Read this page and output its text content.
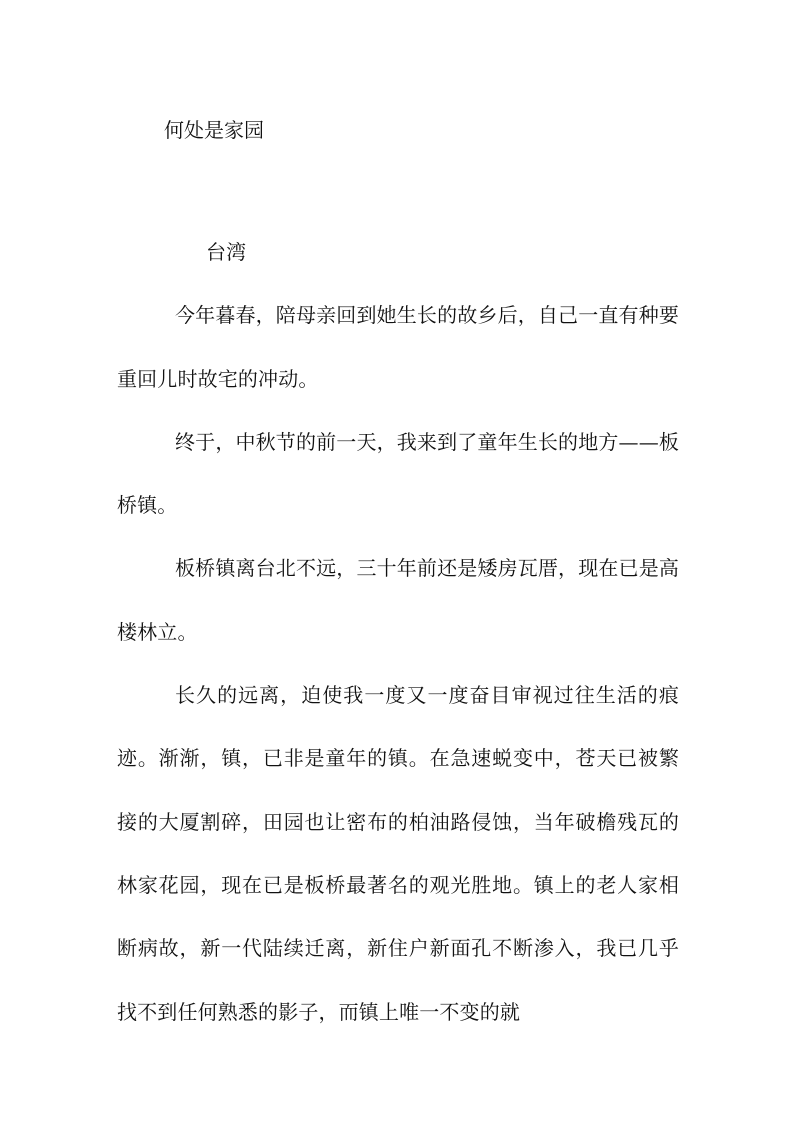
何处是家园

台湾

今年暮春，陪母亲回到她生长的故乡后，自己一直有种要重回儿时故宅的冲动。

终于，中秋节的前一天，我来到了童年生长的地方——板桥镇。

板桥镇离台北不远，三十年前还是矮房瓦厝，现在已是高楼林立。

长久的远离，迫使我一度又一度奋目审视过往生活的痕迹。渐渐，镇，已非是童年的镇。在急速蜕变中，苍天已被繁接的大厦割碎，田园也让密布的柏油路侵蚀，当年破檐残瓦的林家花园，现在已是板桥最著名的观光胜地。镇上的老人家相断病故，新一代陆续迁离，新住户新面孔不断渗入，我已几乎找不到任何熟悉的影子，而镇上唯一不变的就
